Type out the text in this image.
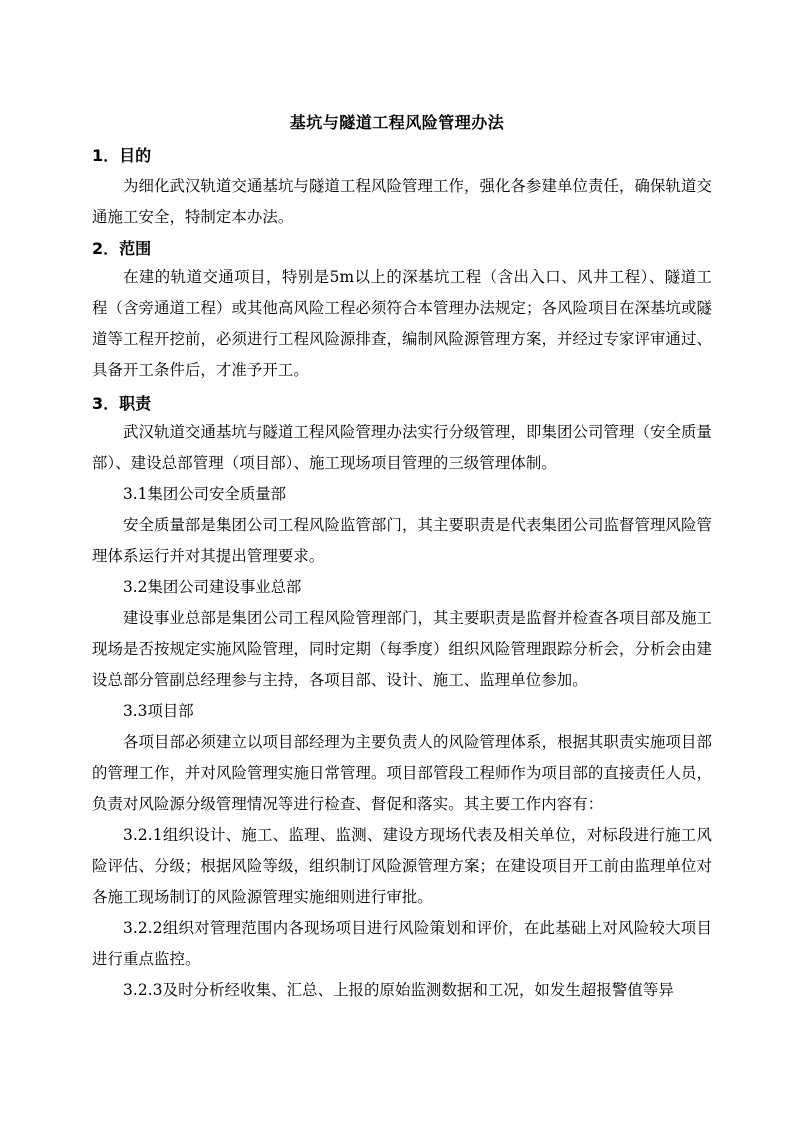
基坑与隧道工程风险管理办法
1．目的
为细化武汉轨道交通基坑与隧道工程风险管理工作，强化各参建单位责任，确保轨道交通施工安全，特制定本办法。
2．范围
在建的轨道交通项目，特别是5m以上的深基坑工程（含出入口、风井工程）、隧道工程（含旁通道工程）或其他高风险工程必须符合本管理办法规定；各风险项目在深基坑或隧道等工程开挖前，必须进行工程风险源排查，编制风险源管理方案，并经过专家评审通过、具备开工条件后，才准予开工。
3．职责
武汉轨道交通基坑与隧道工程风险管理办法实行分级管理，即集团公司管理（安全质量部）、建设总部管理（项目部）、施工现场项目管理的三级管理体制。
3.1集团公司安全质量部
安全质量部是集团公司工程风险监管部门，其主要职责是代表集团公司监督管理风险管理体系运行并对其提出管理要求。
3.2集团公司建设事业总部
建设事业总部是集团公司工程风险管理部门，其主要职责是监督并检查各项目部及施工现场是否按规定实施风险管理，同时定期（每季度）组织风险管理跟踪分析会，分析会由建设总部分管副总经理参与主持，各项目部、设计、施工、监理单位参加。
3.3项目部
各项目部必须建立以项目部经理为主要负责人的风险管理体系，根据其职责实施项目部的管理工作，并对风险管理实施日常管理。项目部管段工程师作为项目部的直接责任人员，负责对风险源分级管理情况等进行检查、督促和落实。其主要工作内容有：
3.2.1组织设计、施工、监理、监测、建设方现场代表及相关单位，对标段进行施工风险评估、分级；根据风险等级，组织制订风险源管理方案；在建设项目开工前由监理单位对各施工现场制订的风险源管理实施细则进行审批。
3.2.2组织对管理范围内各现场项目进行风险策划和评价，在此基础上对风险较大项目进行重点监控。
3.2.3及时分析经收集、汇总、上报的原始监测数据和工况，如发生超报警值等异
